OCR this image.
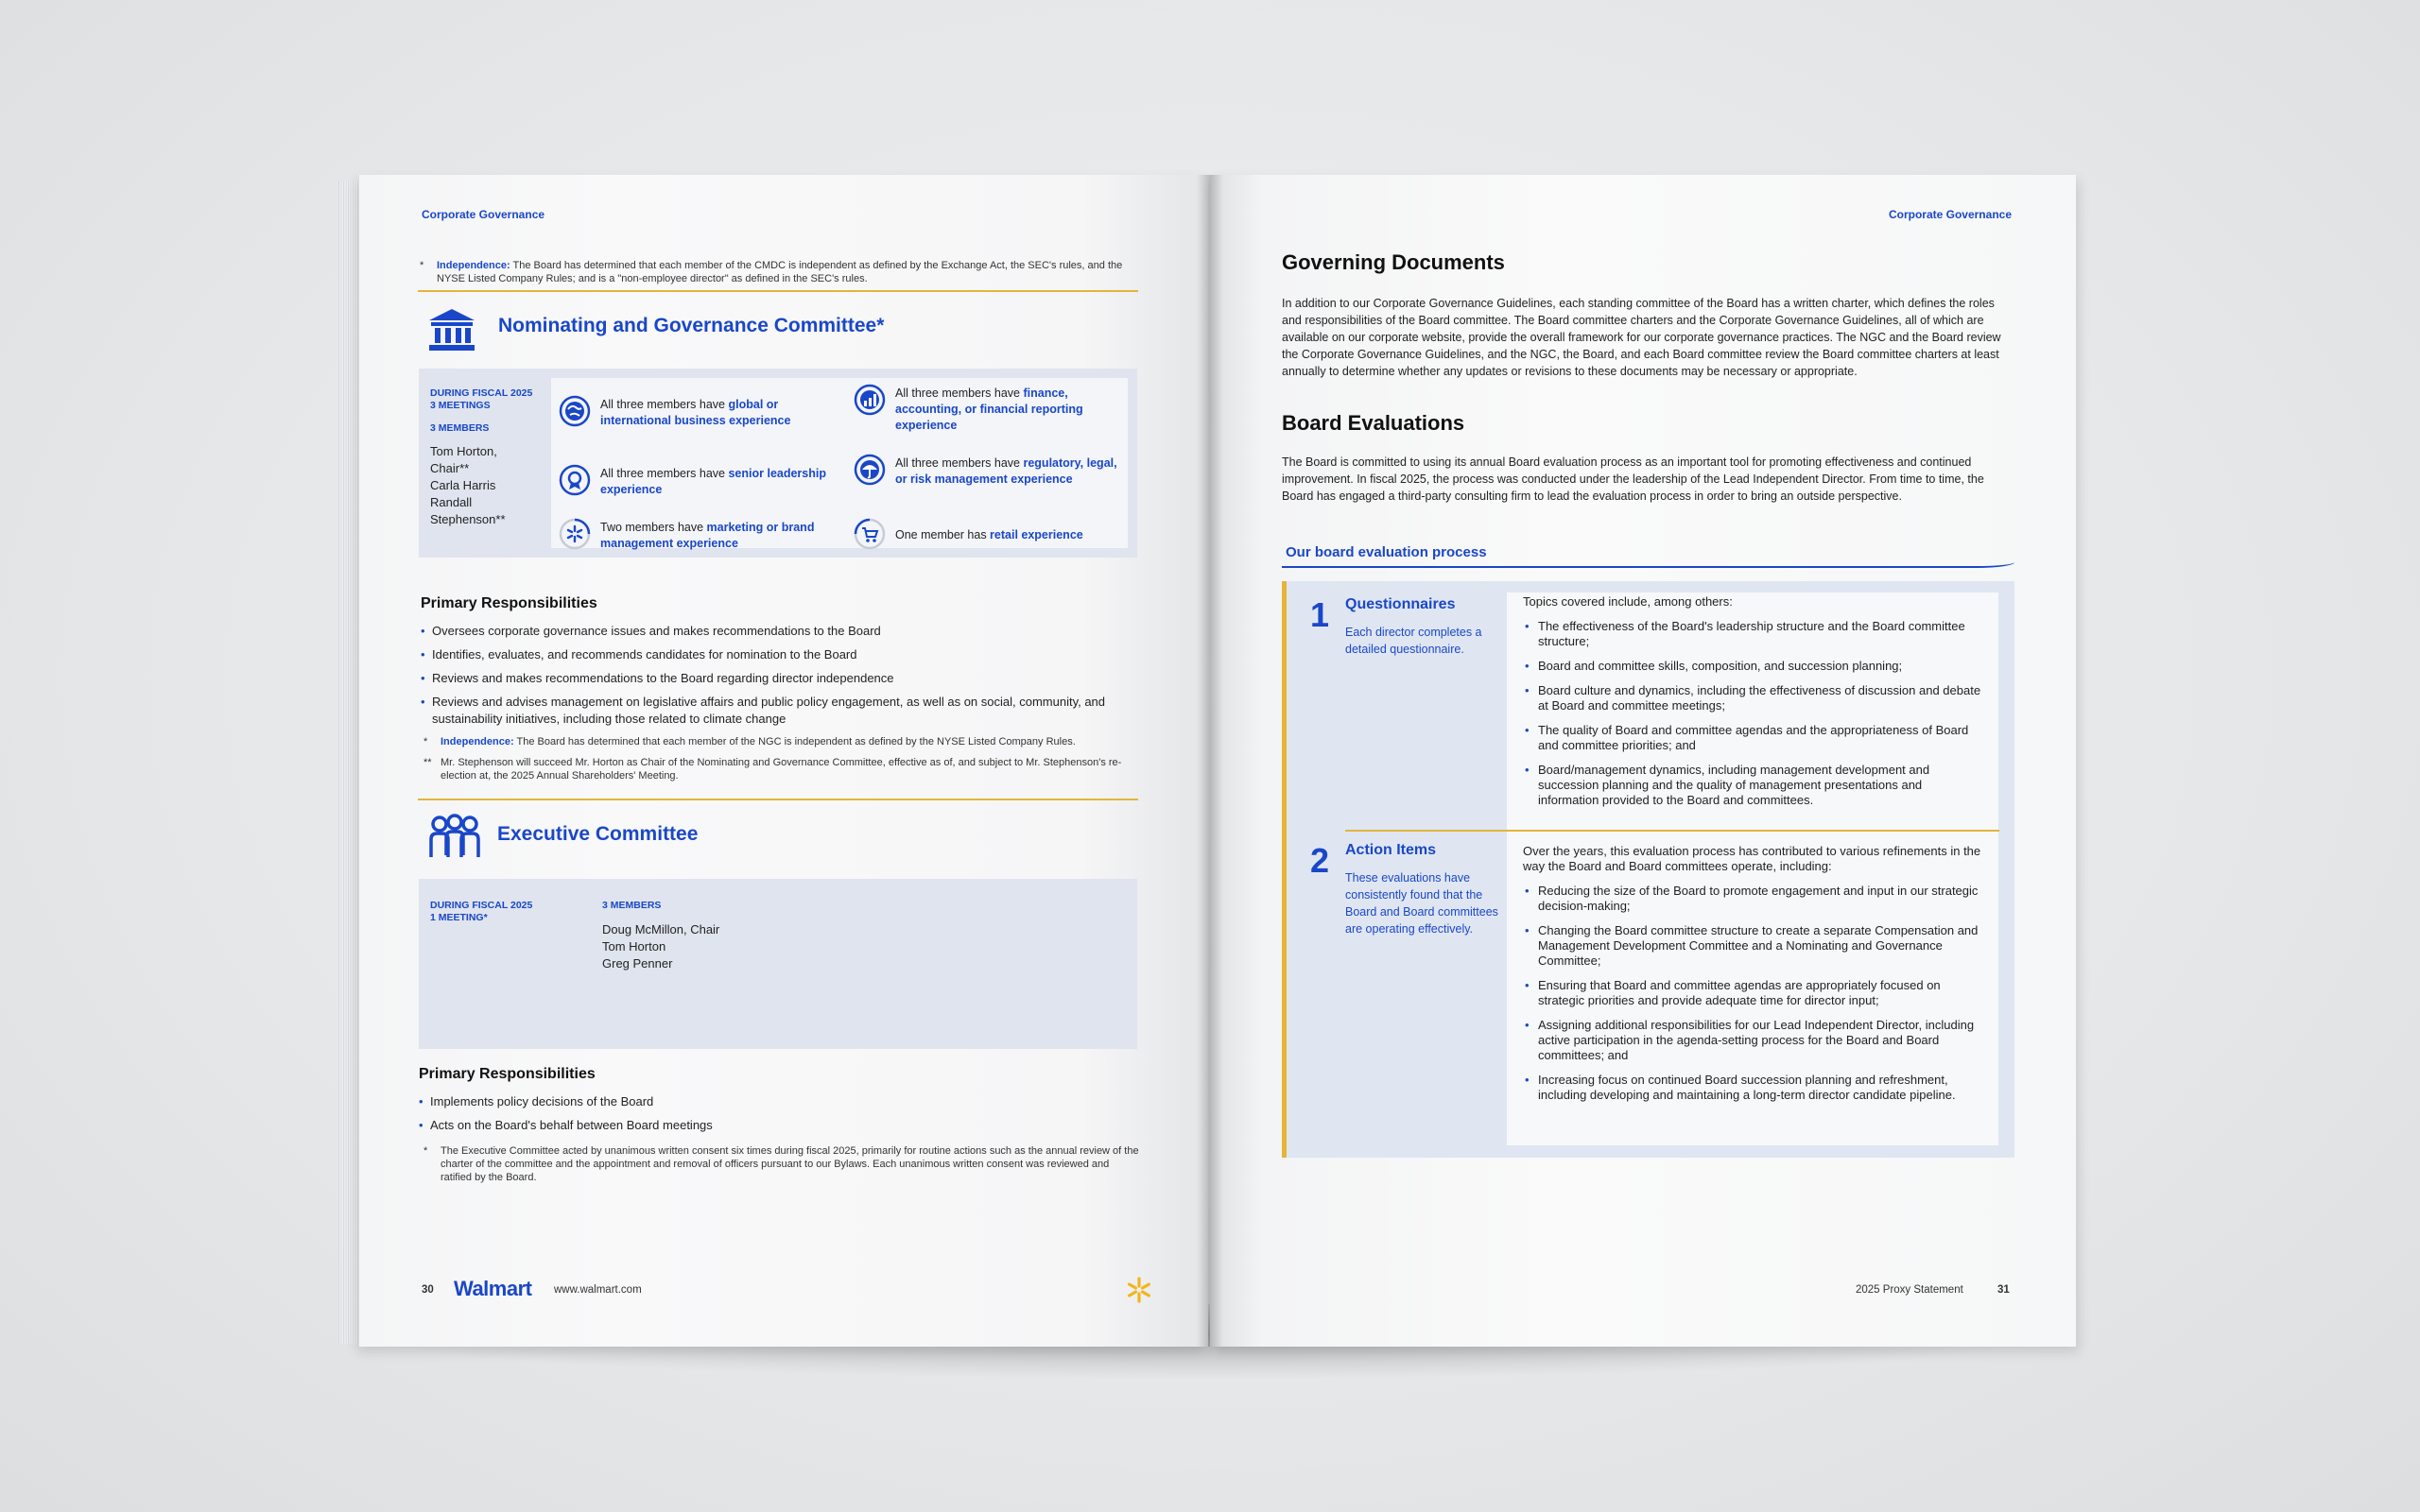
Corporate Governance
* Independence: The Board has determined that each member of the CMDC is independent as defined by the Exchange Act, the SEC's rules, and the NYSE Listed Company Rules; and is a "non-employee director" as defined in the SEC's rules.
Nominating and Governance Committee*
DURING FISCAL 2025
3 MEETINGS
3 MEMBERS
Tom Horton,
Chair**
Carla Harris
Randall
Stephenson**
All three members have global or international business experience
All three members have finance, accounting, or financial reporting experience
All three members have senior leadership experience
All three members have regulatory, legal, or risk management experience
Two members have marketing or brand management experience
One member has retail experience
Primary Responsibilities
• Oversees corporate governance issues and makes recommendations to the Board
• Identifies, evaluates, and recommends candidates for nomination to the Board
• Reviews and makes recommendations to the Board regarding director independence
• Reviews and advises management on legislative affairs and public policy engagement, as well as on social, community, and sustainability initiatives, including those related to climate change
* Independence: The Board has determined that each member of the NGC is independent as defined by the NYSE Listed Company Rules.
** Mr. Stephenson will succeed Mr. Horton as Chair of the Nominating and Governance Committee, effective as of, and subject to Mr. Stephenson's re-election at, the 2025 Annual Shareholders' Meeting.
Executive Committee
DURING FISCAL 2025
1 MEETING*
3 MEMBERS
Doug McMillon, Chair
Tom Horton
Greg Penner
Primary Responsibilities
• Implements policy decisions of the Board
• Acts on the Board's behalf between Board meetings
* The Executive Committee acted by unanimous written consent six times during fiscal 2025, primarily for routine actions such as the annual review of the charter of the committee and the appointment and removal of officers pursuant to our Bylaws. Each unanimous written consent was reviewed and ratified by the Board.
30 Walmart www.walmart.com
Corporate Governance
Governing Documents
In addition to our Corporate Governance Guidelines, each standing committee of the Board has a written charter, which defines the roles and responsibilities of the Board committee. The Board committee charters and the Corporate Governance Guidelines, all of which are available on our corporate website, provide the overall framework for our corporate governance practices. The NGC and the Board review the Corporate Governance Guidelines, and the NGC, the Board, and each Board committee review the Board committee charters at least annually to determine whether any updates or revisions to these documents may be necessary or appropriate.
Board Evaluations
The Board is committed to using its annual Board evaluation process as an important tool for promoting effectiveness and continued improvement. In fiscal 2025, the process was conducted under the leadership of the Lead Independent Director. From time to time, the Board has engaged a third-party consulting firm to lead the evaluation process in order to bring an outside perspective.
Our board evaluation process
1 Questionnaires
Each director completes a detailed questionnaire.
Topics covered include, among others:
• The effectiveness of the Board's leadership structure and the Board committee structure;
• Board and committee skills, composition, and succession planning;
• Board culture and dynamics, including the effectiveness of discussion and debate at Board and committee meetings;
• The quality of Board and committee agendas and the appropriateness of Board and committee priorities; and
• Board/management dynamics, including management development and succession planning and the quality of management presentations and information provided to the Board and committees.
2 Action Items
These evaluations have consistently found that the Board and Board committees are operating effectively.
Over the years, this evaluation process has contributed to various refinements in the way the Board and Board committees operate, including:
• Reducing the size of the Board to promote engagement and input in our strategic decision-making;
• Changing the Board committee structure to create a separate Compensation and Management Development Committee and a Nominating and Governance Committee;
• Ensuring that Board and committee agendas are appropriately focused on strategic priorities and provide adequate time for director input;
• Assigning additional responsibilities for our Lead Independent Director, including active participation in the agenda-setting process for the Board and Board committees; and
• Increasing focus on continued Board succession planning and refreshment, including developing and maintaining a long-term director candidate pipeline.
2025 Proxy Statement	31
